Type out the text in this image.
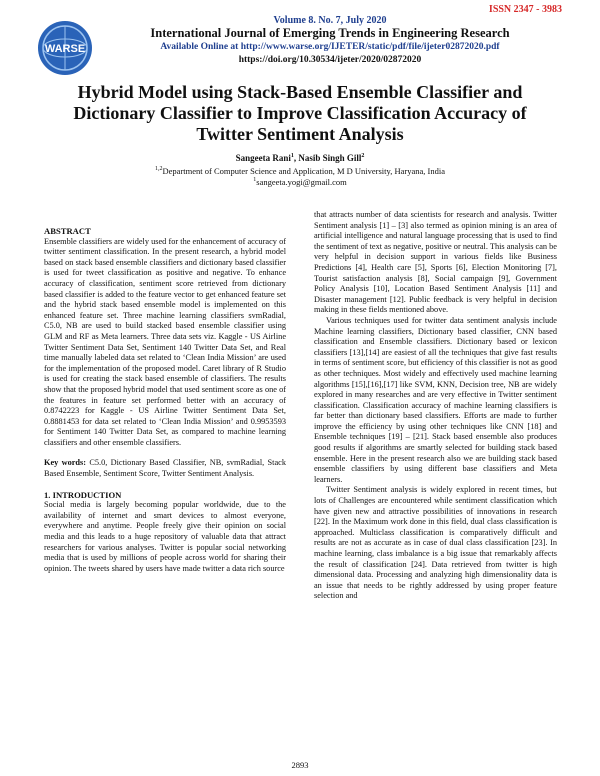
ISSN 2347 - 3983
WARSE
Volume 8. No. 7, July 2020
International Journal of Emerging Trends in Engineering Research
Available Online at http://www.warse.org/IJETER/static/pdf/file/ijeter02872020.pdf
https://doi.org/10.30534/ijeter/2020/02872020
Hybrid Model using Stack-Based Ensemble Classifier and Dictionary Classifier to Improve Classification Accuracy of Twitter Sentiment Analysis
Sangeeta Rani$^1$, Nasib Singh Gill$^2$
$^{1,2}$Department of Computer Science and Application, M D University, Haryana, India
$^1$sangeeta.yogi@gmail.com

ABSTRACT

Ensemble classifiers are widely used for the enhancement of accuracy of twitter sentiment classification. In the present research, a hybrid model based on stack based ensemble classifiers and dictionary based classifier is used for tweet classification as positive and negative. To enhance accuracy of classification, sentiment score retrieved from dictionary based classifier is added to the feature vector to get enhanced feature set and the hybrid stack based ensemble model is implemented on this enhanced feature set. Three machine learning classifiers svmRadial, C5.0, NB are used to build stacked based ensemble classifier using GLM and RF as Meta learners. Three data sets viz. Kaggle - US Airline Twitter Sentiment Data Set, Sentiment 140 Twitter Data Set, and Real time manually labeled data set related to ‘Clean India Mission’ are used for the implementation of the proposed model. Caret library of R Studio is used for creating the stack based ensemble of classifiers. The results show that the proposed hybrid model that used sentiment score as one of the features in feature set performed better with an accuracy of 0.8742223 for Kaggle - US Airline Twitter Sentiment Data Set, 0.8881453 for data set related to ‘Clean India Mission’ and 0.9953593 for Sentiment 140 Twitter Data Set, as compared to machine learning classifiers and other ensemble classifiers.

Key words: C5.0, Dictionary Based Classifier, NB, svmRadial, Stack Based Ensemble, Sentiment Score, Twitter Sentiment Analysis.

1. INTRODUCTION

Social media is largely becoming popular worldwide, due to the availability of internet and smart devices to almost everyone, everywhere and anytime. People freely give their opinion on social media and this leads to a huge repository of valuable data that attract researchers for various analyses. Twitter is popular social networking media that is used by millions of people across world for sharing their opinion. The tweets shared by users have made twitter a data rich source

that attracts number of data scientists for research and analysis. Twitter Sentiment analysis [1] – [3] also termed as opinion mining is an area of artificial intelligence and natural language processing that is used to find the sentiment of text as negative, positive or neutral. This analysis can be very helpful in decision support in various fields like Business Predictions [4], Health care [5], Sports [6], Election Monitoring [7], Tourist satisfaction analysis [8], Social campaign [9], Government Policy Analysis [10], Location Based Sentiment Analysis [11] and Disaster management [12]. Public feedback is very helpful in decision making in these fields mentioned above.

Various techniques used for twitter data sentiment analysis include Machine learning classifiers, Dictionary based classifier, CNN based classification and Ensemble classifiers. Dictionary based or lexicon classifiers [13],[14] are easiest of all the techniques that give fast results in terms of sentiment score, but efficiency of this classifier is not as good as other techniques. Most widely and effectively used machine learning algorithms [15],[16],[17] like SVM, KNN, Decision tree, NB are widely explored in many researches and are very effective in Twitter sentiment classification. Classification accuracy of machine learning classifiers is far better than dictionary based classifiers. Efforts are made to further improve the efficiency by using other techniques like CNN [18] and Ensemble techniques [19] – [21]. Stack based ensemble also produces good results if algorithms are smartly selected for building stack based ensemble. Here in the present research also we are building stack based ensemble classifiers by using different base classifiers and Meta learners.

Twitter Sentiment analysis is widely explored in recent times, but lots of Challenges are encountered while sentiment classification which have given new and attractive possibilities of innovations in research [22]. In the Maximum work done in this field, dual class classification is approached. Multiclass classification is comparatively difficult and results are not as accurate as in case of dual class classification [23]. In machine learning, class imbalance is a big issue that remarkably affects the result of classification [24]. Data retrieved from twitter is high dimensional data. Processing and analyzing high dimensionality data is an issue that needs to be rightly addressed by using proper feature selection and

2893
